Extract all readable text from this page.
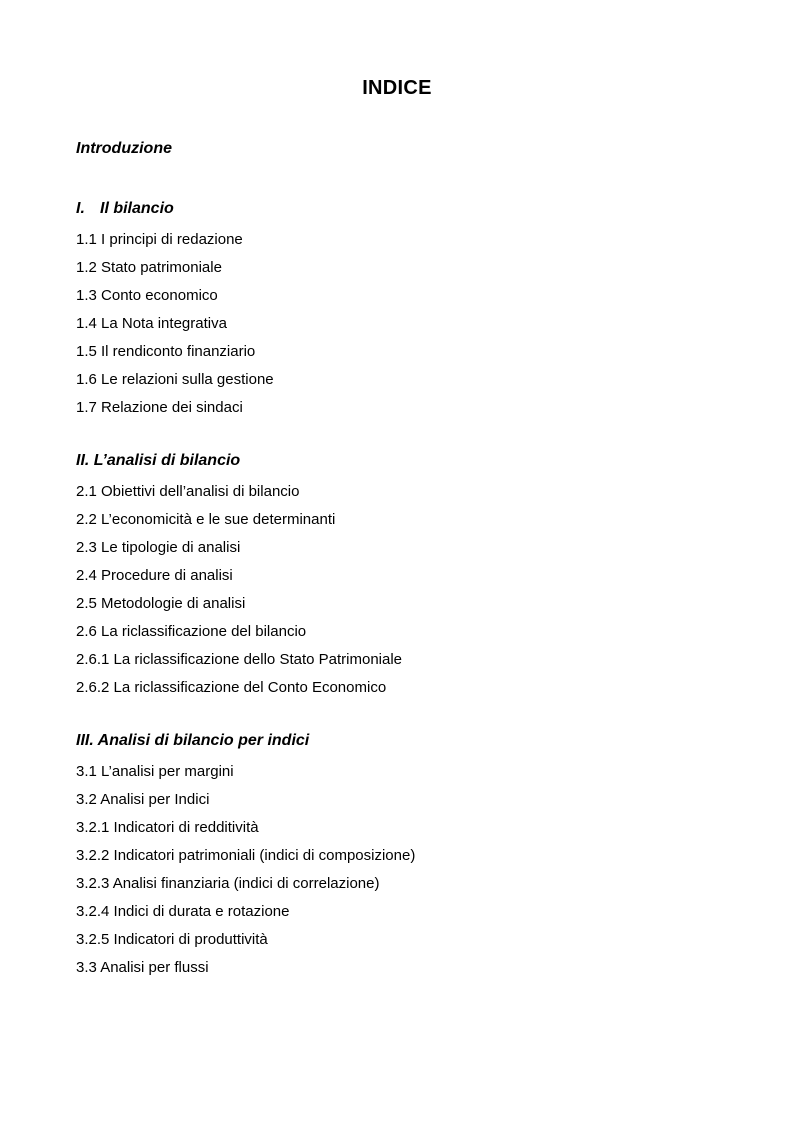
INDICE
Introduzione
I. Il bilancio
1.1 I principi di redazione
1.2 Stato patrimoniale
1.3 Conto economico
1.4 La Nota integrativa
1.5 Il rendiconto finanziario
1.6 Le relazioni sulla gestione
1.7 Relazione dei sindaci
II. L’analisi di bilancio
2.1 Obiettivi dell’analisi di bilancio
2.2 L’economicità e le sue determinanti
2.3 Le tipologie di analisi
2.4 Procedure di analisi
2.5 Metodologie di analisi
2.6 La riclassificazione del bilancio
2.6.1 La riclassificazione dello Stato Patrimoniale
2.6.2 La riclassificazione del Conto Economico
III. Analisi di bilancio per indici
3.1 L’analisi per margini
3.2 Analisi per Indici
3.2.1 Indicatori di redditività
3.2.2 Indicatori patrimoniali (indici di composizione)
3.2.3 Analisi finanziaria (indici di correlazione)
3.2.4 Indici di durata e rotazione
3.2.5 Indicatori di produttività
3.3 Analisi per flussi
